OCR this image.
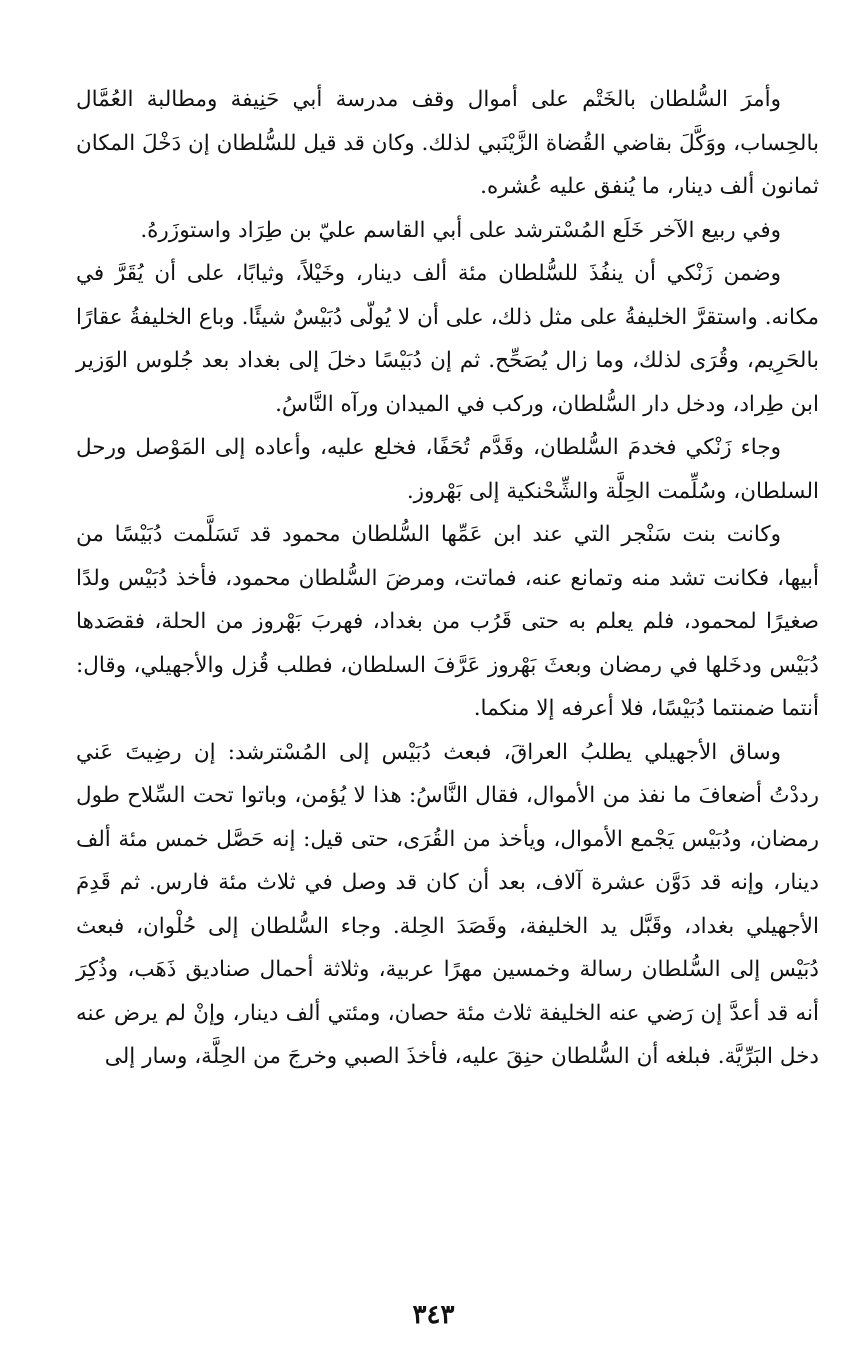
وأمرَ السُّلطان بالخَتْم على أموال وقف مدرسة أبي حَنِيفة ومطالبة العُمَّال بالحِساب، ووَكَّلَ بقاضي القُضاة الزَّيْنَبي لذلك. وكان قد قيل للسُّلطان إن دَخْلَ المكان ثمانون ألف دينار، ما يُنفق عليه عُشره.

وفي ربيع الآخر خَلَع المُسْترشد على أبي القاسم عليّ بن طِرَاد واستوزَرهُ.

وضمن زَنْكي أن ينفُذَ للسُّلطان مئة ألف دينار، وخَيْلاً، وثيابًا، على أن يُقَرَّ في مكانه. واستقرَّ الخليفةُ على مثل ذلك، على أن لا يُولّى دُبَيْسٌ شيئًا. وباع الخليفةُ عقارًا بالحَرِيم، وقُرَى لذلك، وما زال يُصَحِّح. ثم إن دُبَيْسًا دخلَ إلى بغداد بعد جُلوس الوَزير ابن طِراد، ودخل دار السُّلطان، وركب في الميدان ورآه النَّاسُ.

وجاء زَنْكي فخدمَ السُّلطان، وقَدَّم تُحَفًا، فخلع عليه، وأعاده إلى المَوْصل ورحل السلطان، وسُلِّمت الحِلَّة والشِّحْنكية إلى بَهْروز.

وكانت بنت سَنْجر التي عند ابن عَمِّها السُّلطان محمود قد تَسَلَّمت دُبَيْسًا من أبيها، فكانت تشد منه وتمانع عنه، فماتت، ومرضَ السُّلطان محمود، فأخذ دُبَيْس ولدًا صغيرًا لمحمود، فلم يعلم به حتى قَرُب من بغداد، فهربَ بَهْروز من الحلة، فقصَدها دُبَيْس ودخَلها في رمضان وبعثَ بَهْروز عَرَّفَ السلطان، فطلب قُزل والأجهيلي، وقال: أنتما ضمنتما دُبَيْسًا، فلا أعرفه إلا منكما.

وساق الأجهيلي يطلبُ العراقَ، فبعث دُبَيْس إلى المُسْترشد: إن رضِيتَ عَني رددْتُ أضعافَ ما نفذ من الأموال، فقال النَّاسُ: هذا لا يُؤمن، وباتوا تحت السِّلاح طول رمضان، ودُبَيْس يَجْمع الأموال، ويأخذ من القُرَى، حتى قيل: إنه حَصَّل خمس مئة ألف دينار، وإنه قد دَوَّن عشرة آلاف، بعد أن كان قد وصل في ثلاث مئة فارس. ثم قَدِمَ الأجهيلي بغداد، وقَبَّل يد الخليفة، وقَصَدَ الحِلة. وجاء السُّلطان إلى حُلْوان، فبعث دُبَيْس إلى السُّلطان رسالة وخمسين مهرًا عربية، وثلاثة أحمال صناديق ذَهَب، وذُكِرَ أنه قد أعدَّ إن رَضي عنه الخليفة ثلاث مئة حصان، ومئتي ألف دينار، وإنْ لم يرض عنه دخل البَرِّيَّة. فبلغه أن السُّلطان حنِقَ عليه، فأخذَ الصبي وخرجَ من الحِلَّة، وسار إلى

٣٤٣
